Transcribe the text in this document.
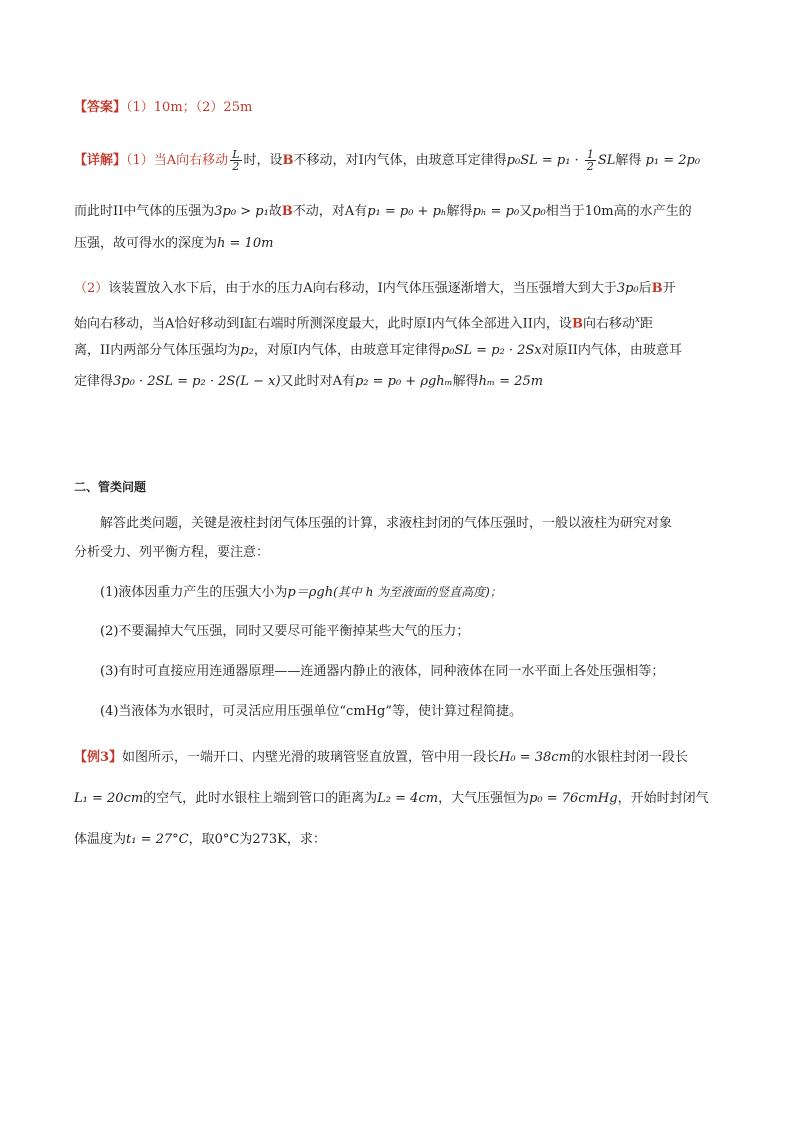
【答案】（1）10m；（2）25m
【详解】（1）当A向右移动 $\frac{L}{2}$ 时，设B不移动，对I内气体，由玻意耳定律得$p_0SL = p_1 \cdot \frac{1}{2}$ SL解得 p₁ = 2p₀
而此时II中气体的压强为3p₀ > p₁故B不动，对A有p₁ = p₀ + pₕ解得pₕ = p₀又p₀相当于10m高的水产生的
压强，故可得水的深度为h = 10m
（2）该装置放入水下后，由于水的压力A向右移动，I内气体压强逐渐增大，当压强增大到大于3p₀后B开
始向右移动，当A恰好移动到I缸右端时所测深度最大，此时原I内气体全部进入II内，设B向右移动$^x$距
离，II内两部分气体压强均为p₂，对原I内气体，由玻意耳定律得p₀SL = p₂ · 2Sx对原II内气体，由玻意耳
定律得3p₀ · 2SL = p₂ · 2S(L − x)又此时对A有p₂ = p₀ + ρghₘ解得hₘ = 25m
二、管类问题
解答此类问题，关键是液柱封闭气体压强的计算，求液柱封闭的气体压强时，一般以液柱为研究对象
分析受力、列平衡方程，要注意：
(1)液体因重力产生的压强大小为p＝ρgh(其中 h 为至液面的竖直高度)；
(2)不要漏掉大气压强，同时又要尽可能平衡掉某些大气的压力；
(3)有时可直接应用连通器原理——连通器内静止的液体，同种液体在同一水平面上各处压强相等；
(4)当液体为水银时，可灵活应用压强单位“cmHg”等，使计算过程简捷。
【例3】如图所示，一端开口、内壁光滑的玻璃管竖直放置，管中用一段长H₀ = 38cm的水银柱封闭一段长
L₁ = 20cm的空气，此时水银柱上端到管口的距离为L₂ = 4cm，大气压强恒为p₀ = 76cmHg，开始时封闭气
体温度为t₁ = 27°C，取0°C为273K，求：
